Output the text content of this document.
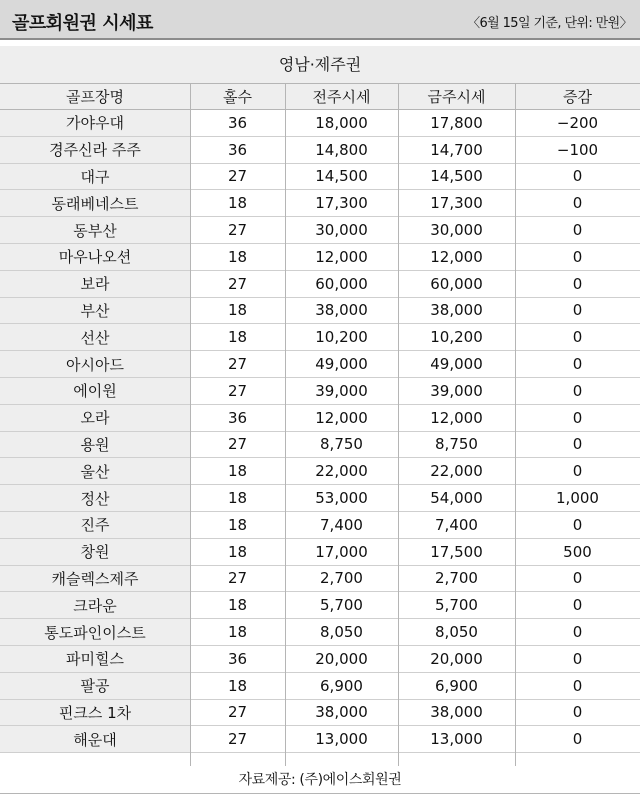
골프회원권 시세표	〈6월 15일 기준, 단위: 만원〉
영남·제주권
골프장명	홀수	전주시세	금주시세	증감
가야우대	36	18,000	17,800	−200
경주신라 주주	36	14,800	14,700	−100
대구	27	14,500	14,500	0
동래베네스트	18	17,300	17,300	0
동부산	27	30,000	30,000	0
마우나오션	18	12,000	12,000	0
보라	27	60,000	60,000	0
부산	18	38,000	38,000	0
선산	18	10,200	10,200	0
아시아드	27	49,000	49,000	0
에이원	27	39,000	39,000	0
오라	36	12,000	12,000	0
용원	27	8,750	8,750	0
울산	18	22,000	22,000	0
정산	18	53,000	54,000	1,000
진주	18	7,400	7,400	0
창원	18	17,000	17,500	500
캐슬렉스제주	27	2,700	2,700	0
크라운	18	5,700	5,700	0
통도파인이스트	18	8,050	8,050	0
파미힐스	36	20,000	20,000	0
팔공	18	6,900	6,900	0
핀크스 1차	27	38,000	38,000	0
해운대	27	13,000	13,000	0
자료제공: (주)에이스회원권
